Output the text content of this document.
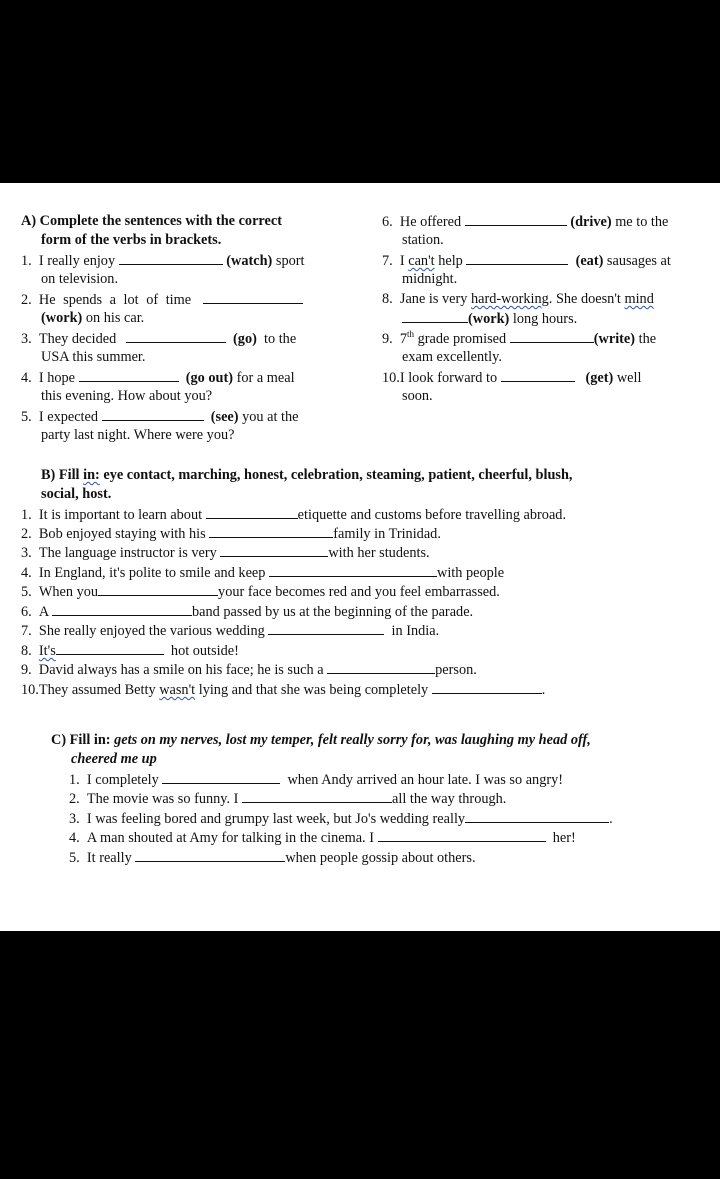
A) Complete the sentences with the correct
form of the verbs in brackets.
1. I really enjoy	(watch) sport
on television.
2. He spends a lot of time
(work) on his car.
3. They decided	(go) to the
USA this summer.
4. I hope	(go out) for a meal
this evening. How about you?
5. I expected	(see) you at the
party last night. Where were you?
6. He offered	(drive) me to the
station.
7. I can't help	(eat) sausages at
midnight.
8. Jane is very hard-working. She doesn't mind
(work) long hours.
9. 7th grade promised	(write) the
exam excellently.
10.I look forward to	(get) well
soon.
B) Fill in: eye contact, marching, honest, celebration, steaming, patient, cheerful, blush,
social, host.
1. It is important to learn about	etiquette and customs before travelling abroad.
2. Bob enjoyed staying with his	family in Trinidad.
3. The language instructor is very	with her students.
4. In England, it's polite to smile and keep	with people
5. When you	your face becomes red and you feel embarrassed.
6. A	band passed by us at the beginning of the parade.
7. She really enjoyed the various wedding	in India.
8. It's	hot outside!
9. David always has a smile on his face; he is such a	person.
10.They assumed Betty wasn't lying and that she was being completely	.
C) Fill in: gets on my nerves, lost my temper, felt really sorry for, was laughing my head off,
cheered me up
1. I completely	when Andy arrived an hour late. I was so angry!
2. The movie was so funny. I	all the way through.
3. I was feeling bored and grumpy last week, but Jo's wedding really	.
4. A man shouted at Amy for talking in the cinema. I	her!
5. It really	when people gossip about others.
